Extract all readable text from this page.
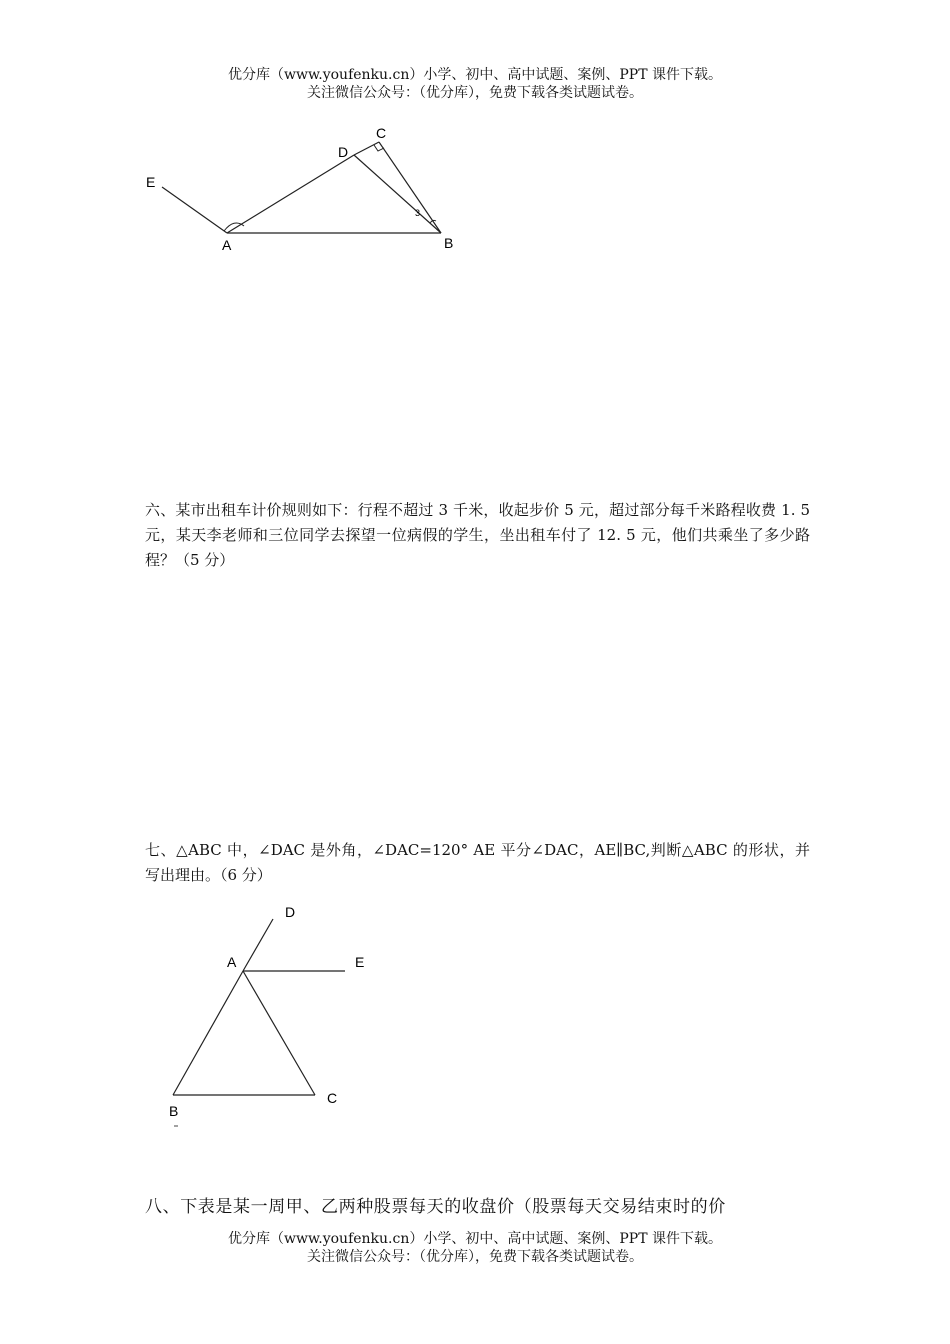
优分库（www.youfenku.cn）小学、初中、高中试题、案例、PPT 课件下载。
关注微信公众号：（优分库），免费下载各类试题试卷。
E
A	B
C
D
3
六、某市出租车计价规则如下：行程不超过 3 千米，收起步价 5 元，超过部分每千米路程收费 1. 5 元，某天李老师和三位同学去探望一位病假的学生，坐出租车付了 12. 5 元，他们共乘坐了多少路程？（5 分）
七、△ABC 中，∠DAC 是外角，∠DAC=120° AE 平分∠DAC，AE∥BC,判断△ABC 的形状，并写出理由。（6 分）
D
A	E
B
C
八、下表是某一周甲、乙两种股票每天的收盘价（股票每天交易结束时的价
优分库（www.youfenku.cn）小学、初中、高中试题、案例、PPT 课件下载。
关注微信公众号：（优分库），免费下载各类试题试卷。
